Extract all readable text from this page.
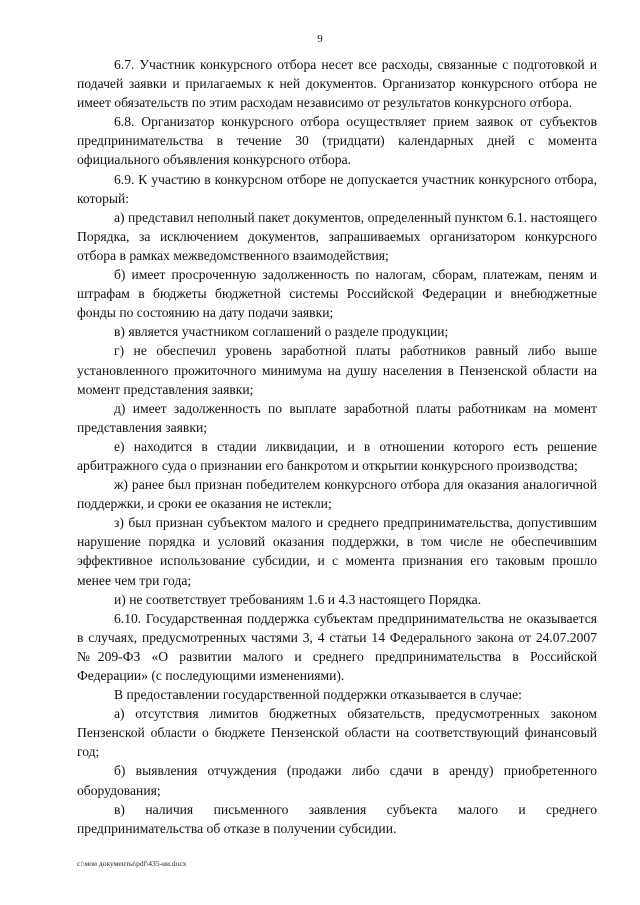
9

6.7. Участник конкурсного отбора несет все расходы, связанные с подготовкой и подачей заявки и прилагаемых к ней документов. Организатор конкурсного отбора не имеет обязательств по этим расходам независимо от результатов конкурсного отбора.

6.8. Организатор конкурсного отбора осуществляет прием заявок от субъектов предпринимательства в течение 30 (тридцати) календарных дней с момента официального объявления конкурсного отбора.

6.9. К участию в конкурсном отборе не допускается участник конкурсного отбора, который:

а) представил неполный пакет документов, определенный пунктом 6.1. настоящего Порядка, за исключением документов, запрашиваемых организатором конкурсного отбора в рамках межведомственного взаимодействия;

б) имеет просроченную задолженность по налогам, сборам, платежам, пеням и штрафам в бюджеты бюджетной системы Российской Федерации и внебюджетные фонды по состоянию на дату подачи заявки;

в) является участником соглашений о разделе продукции;

г) не обеспечил уровень заработной платы работников равный либо выше установленного прожиточного минимума на душу населения в Пензенской области на момент представления заявки;

д) имеет задолженность по выплате заработной платы работникам на момент представления заявки;

е) находится в стадии ликвидации, и в отношении которого есть решение арбитражного суда о признании его банкротом и открытии конкурсного производства;

ж) ранее был признан победителем конкурсного отбора для оказания аналогичной поддержки, и сроки ее оказания не истекли;

з) был признан субъектом малого и среднего предпринимательства, допустившим нарушение порядка и условий оказания поддержки, в том числе не обеспечившим эффективное использование субсидии, и с момента признания его таковым прошло менее чем три года;

и) не соответствует требованиям 1.6 и 4.3 настоящего Порядка.

6.10. Государственная поддержка субъектам предпринимательства не оказывается в случаях, предусмотренных частями 3, 4 статьи 14 Федерального закона от 24.07.2007 №209-ФЗ «О развитии малого и среднего предпринимательства в Российской Федерации» (с последующими изменениями).

В предоставлении государственной поддержки отказывается в случае:

а) отсутствия лимитов бюджетных обязательств, предусмотренных законом Пензенской области о бюджете Пензенской области на соответствующий финансовый год;

б) выявления отчуждения (продажи либо сдачи в аренду) приобретенного оборудования;

в) наличия письменного заявления субъекта малого и среднего предпринимательства об отказе в получении субсидии.

c:\мои документы\pdf\435-ии.docx
